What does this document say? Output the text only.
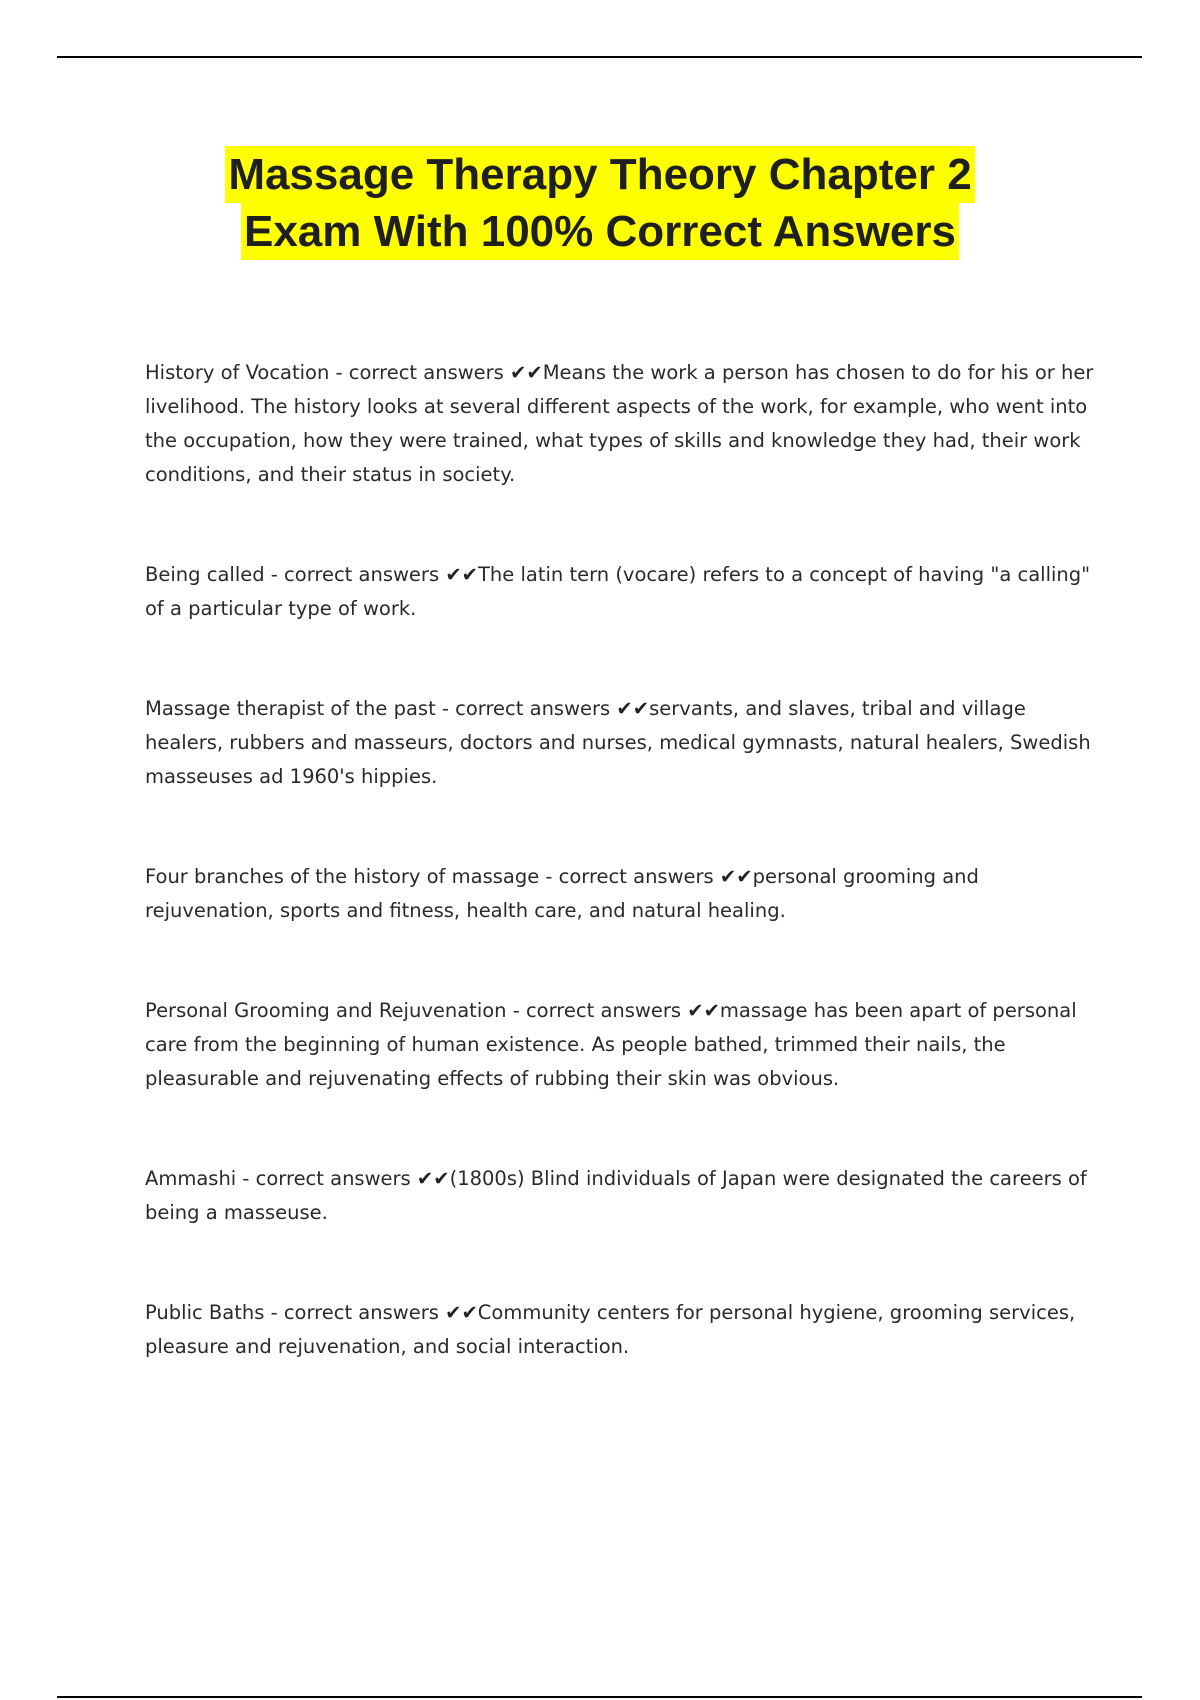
Massage Therapy Theory Chapter 2
Exam With 100% Correct Answers

History of Vocation - correct answers ✔✔Means the work a person has chosen to do for his or her livelihood. The history looks at several different aspects of the work, for example, who went into the occupation, how they were trained, what types of skills and knowledge they had, their work conditions, and their status in society.

Being called - correct answers ✔✔The latin tern (vocare) refers to a concept of having "a calling" of a particular type of work.

Massage therapist of the past - correct answers ✔✔servants, and slaves, tribal and village healers, rubbers and masseurs, doctors and nurses, medical gymnasts, natural healers, Swedish masseuses ad 1960's hippies.

Four branches of the history of massage - correct answers ✔✔personal grooming and rejuvenation, sports and fitness, health care, and natural healing.

Personal Grooming and Rejuvenation - correct answers ✔✔massage has been apart of personal care from the beginning of human existence. As people bathed, trimmed their nails, the pleasurable and rejuvenating effects of rubbing their skin was obvious.

Ammashi - correct answers ✔✔(1800s) Blind individuals of Japan were designated the careers of being a masseuse.

Public Baths - correct answers ✔✔Community centers for personal hygiene, grooming services, pleasure and rejuvenation, and social interaction.
